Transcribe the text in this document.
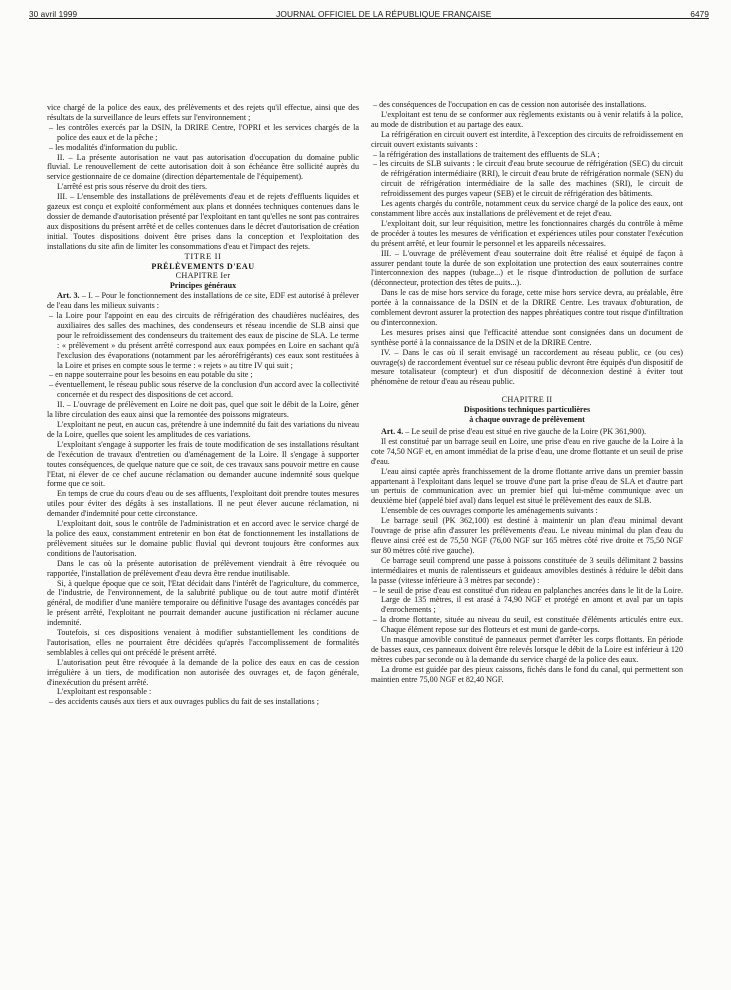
30 avril 1999	JOURNAL OFFICIEL DE LA RÉPUBLIQUE FRANÇAISE	6479

vice chargé de la police des eaux, des prélèvements et des rejets qu'il effectue, ainsi que des résultats de la surveillance de leurs effets sur l'environnement ;

– les contrôles exercés par la DSIN, la DRIRE Centre, l'OPRI et les services chargés de la police des eaux et de la pêche ;

– les modalités d'information du public.

II. – La présente autorisation ne vaut pas autorisation d'occupation du domaine public fluvial. Le renouvellement de cette autorisation doit à son échéance être sollicité auprès du service gestionnaire de ce domaine (direction départementale de l'équipement).

L'arrêté est pris sous réserve du droit des tiers.

III. – L'ensemble des installations de prélèvements d'eau et de rejets d'effluents liquides et gazeux est conçu et exploité conformément aux plans et données techniques contenues dans le dossier de demande d'autorisation présenté par l'exploitant en tant qu'elles ne sont pas contraires aux dispositions du présent arrêté et de celles contenues dans le décret d'autorisation de création initial. Toutes dispositions doivent être prises dans la conception et l'exploitation des installations du site afin de limiter les consommations d'eau et l'impact des rejets.

TITRE II

PRÉLÈVEMENTS D'EAU

CHAPITRE Ier

Principes généraux

Art. 3. – I. – Pour le fonctionnement des installations de ce site, EDF est autorisé à prélever de l'eau dans les milieux suivants :

– la Loire pour l'appoint en eau des circuits de réfrigération des chaudières nucléaires, des auxiliaires des salles des machines, des condenseurs et réseau incendie de SLB ainsi que pour le refroidissement des condenseurs du traitement des eaux de piscine de SLA. Le terme : « prélèvement » du présent arrêté correspond aux eaux pompées en Loire en sachant qu'à l'exclusion des évaporations (notamment par les aéroréfrigérants) ces eaux sont restituées à la Loire et prises en compte sous le terme : « rejets » au titre IV qui suit ;

– en nappe souterraine pour les besoins en eau potable du site ;

– éventuellement, le réseau public sous réserve de la conclusion d'un accord avec la collectivité concernée et du respect des dispositions de cet accord.

II. – L'ouvrage de prélèvement en Loire ne doit pas, quel que soit le débit de la Loire, gêner la libre circulation des eaux ainsi que la remontée des poissons migrateurs.

L'exploitant ne peut, en aucun cas, prétendre à une indemnité du fait des variations du niveau de la Loire, quelles que soient les amplitudes de ces variations.

L'exploitant s'engage à supporter les frais de toute modification de ses installations résultant de l'exécution de travaux d'entretien ou d'aménagement de la Loire. Il s'engage à supporter toutes conséquences, de quelque nature que ce soit, de ces travaux sans pouvoir mettre en cause l'Etat, ni élever de ce chef aucune réclamation ou demander aucune indemnité sous quelque forme que ce soit.

En temps de crue du cours d'eau ou de ses affluents, l'exploitant doit prendre toutes mesures utiles pour éviter des dégâts à ses installations. Il ne peut élever aucune réclamation, ni demander d'indemnité pour cette circonstance.

L'exploitant doit, sous le contrôle de l'administration et en accord avec le service chargé de la police des eaux, constamment entretenir en bon état de fonctionnement les installations de prélèvement situées sur le domaine public fluvial qui devront toujours être conformes aux conditions de l'autorisation.

Dans le cas où la présente autorisation de prélèvement viendrait à être révoquée ou rapportée, l'installation de prélèvement d'eau devra être rendue inutilisable.

Si, à quelque époque que ce soit, l'Etat décidait dans l'intérêt de l'agriculture, du commerce, de l'industrie, de l'environnement, de la salubrité publique ou de tout autre motif d'intérêt général, de modifier d'une manière temporaire ou définitive l'usage des avantages concédés par le présent arrêté, l'exploitant ne pourrait demander aucune justification ni réclamer aucune indemnité.

Toutefois, si ces dispositions venaient à modifier substantiellement les conditions de l'autorisation, elles ne pourraient être décidées qu'après l'accomplissement de formalités semblables à celles qui ont précédé le présent arrêté.

L'autorisation peut être révoquée à la demande de la police des eaux en cas de cession irrégulière à un tiers, de modification non autorisée des ouvrages et, de façon générale, d'inexécution du présent arrêté.

L'exploitant est responsable :

– des accidents causés aux tiers et aux ouvrages publics du fait de ses installations ;

– des conséquences de l'occupation en cas de cession non autorisée des installations.

L'exploitant est tenu de se conformer aux règlements existants ou à venir relatifs à la police, au mode de distribution et au partage des eaux.

La réfrigération en circuit ouvert est interdite, à l'exception des circuits de refroidissement en circuit ouvert existants suivants :

– la réfrigération des installations de traitement des effluents de SLA ;

– les circuits de SLB suivants : le circuit d'eau brute secourue de réfrigération (SEC) du circuit de réfrigération intermédiaire (RRI), le circuit d'eau brute de réfrigération normale (SEN) du circuit de réfrigération intermédiaire de la salle des machines (SRI), le circuit de refroidissement des purges vapeur (SEB) et le circuit de réfrigération des bâtiments.

Les agents chargés du contrôle, notamment ceux du service chargé de la police des eaux, ont constamment libre accès aux installations de prélèvement et de rejet d'eau.

L'exploitant doit, sur leur réquisition, mettre les fonctionnaires chargés du contrôle à même de procéder à toutes les mesures de vérification et expériences utiles pour constater l'exécution du présent arrêté, et leur fournir le personnel et les appareils nécessaires.

III. – L'ouvrage de prélèvement d'eau souterraine doit être réalisé et équipé de façon à assurer pendant toute la durée de son exploitation une protection des eaux souterraines contre l'interconnexion des nappes (tubage...) et le risque d'introduction de pollution de surface (déconnecteur, protection des têtes de puits...).

Dans le cas de mise hors service du forage, cette mise hors service devra, au préalable, être portée à la connaissance de la DSIN et de la DRIRE Centre. Les travaux d'obturation, de comblement devront assurer la protection des nappes phréatiques contre tout risque d'infiltration ou d'interconnexion.

Les mesures prises ainsi que l'efficacité attendue sont consignées dans un document de synthèse porté à la connaissance de la DSIN et de la DRIRE Centre.

IV. – Dans le cas où il serait envisagé un raccordement au réseau public, ce (ou ces) ouvrage(s) de raccordement éventuel sur ce réseau public devront être équipés d'un dispositif de mesure totalisateur (compteur) et d'un dispositif de déconnexion destiné à éviter tout phénomène de retour d'eau au réseau public.

CHAPITRE II

Dispositions techniques particulières

à chaque ouvrage de prélèvement

Art. 4. – Le seuil de prise d'eau est situé en rive gauche de la Loire (PK 361,900).

Il est constitué par un barrage seuil en Loire, une prise d'eau en rive gauche de la Loire à la cote 74,50 NGF et, en amont immédiat de la prise d'eau, une drome flottante et un seuil de prise d'eau.

L'eau ainsi captée après franchissement de la drome flottante arrive dans un premier bassin appartenant à l'exploitant dans lequel se trouve d'une part la prise d'eau de SLA et d'autre part un pertuis de communication avec un premier bief qui lui-même communique avec un deuxième bief (appelé bief aval) dans lequel est situé le prélèvement des eaux de SLB.

L'ensemble de ces ouvrages comporte les aménagements suivants :

Le barrage seuil (PK 362,100) est destiné à maintenir un plan d'eau minimal devant l'ouvrage de prise afin d'assurer les prélèvements d'eau. Le niveau minimal du plan d'eau du fleuve ainsi créé est de 75,50 NGF (76,00 NGF sur 165 mètres côté rive droite et 75,50 NGF sur 80 mètres côté rive gauche).

Ce barrage seuil comprend une passe à poissons constituée de 3 seuils délimitant 2 bassins intermédiaires et munis de ralentisseurs et guideaux amovibles destinés à réduire le débit dans la passe (vitesse inférieure à 3 mètres par seconde) :

– le seuil de prise d'eau est constitué d'un rideau en palplanches ancrées dans le lit de la Loire. Large de 135 mètres, il est arasé à 74,90 NGF et protégé en amont et aval par un tapis d'enrochements ;

– la drome flottante, située au niveau du seuil, est constituée d'éléments articulés entre eux. Chaque élément repose sur des flotteurs et est muni de garde-corps.

Un masque amovible constitué de panneaux permet d'arrêter les corps flottants. En période de basses eaux, ces panneaux doivent être relevés lorsque le débit de la Loire est inférieur à 120 mètres cubes par seconde ou à la demande du service chargé de la police des eaux.

La drome est guidée par des pieux caissons, fichés dans le fond du canal, qui permettent son maintien entre 75,00 NGF et 82,40 NGF.
